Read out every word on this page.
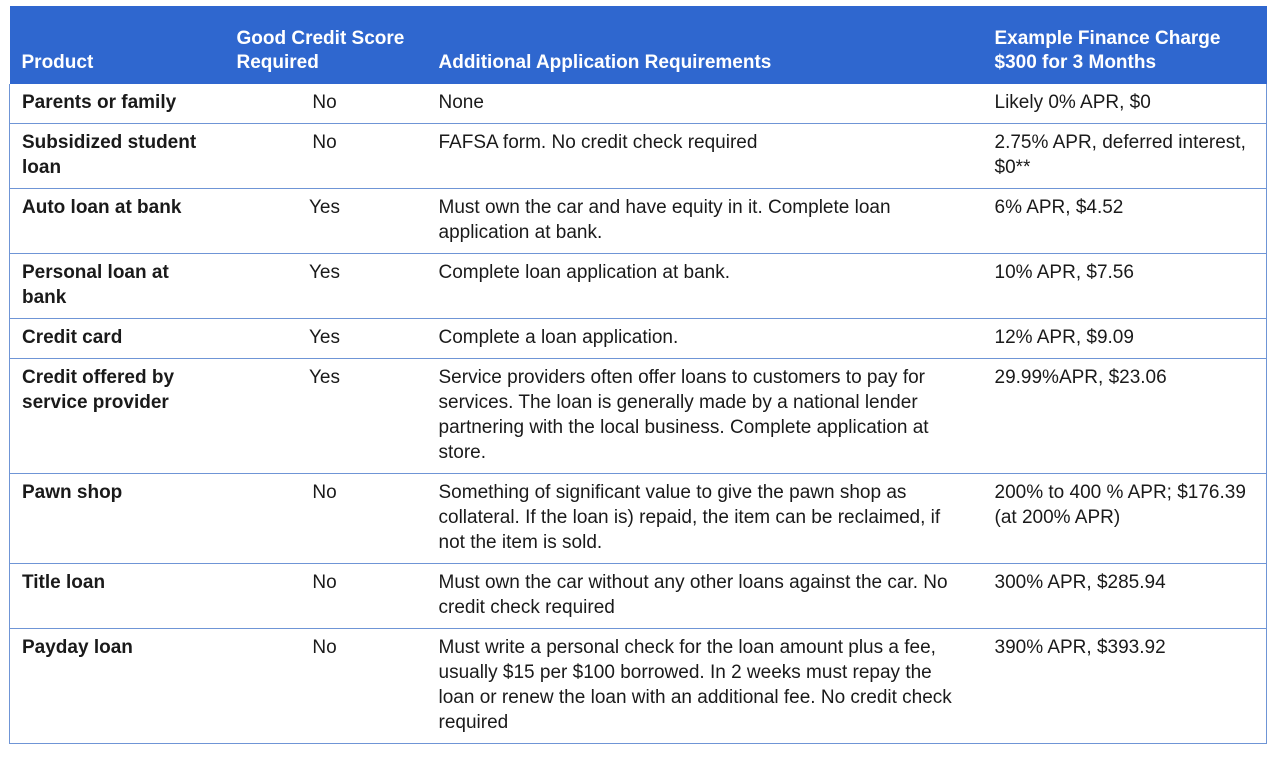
Product	Good Credit Score Required	Additional Application Requirements	Example Finance Charge $300 for 3 Months
Parents or family	No	None	Likely 0% APR, $0
Subsidized student loan	No	FAFSA form. No credit check required	2.75% APR, deferred interest, $0**
Auto loan at bank	Yes	Must own the car and have equity in it. Complete loan application at bank.	6% APR, $4.52
Personal loan at bank	Yes	Complete loan application at bank.	10% APR, $7.56
Credit card	Yes	Complete a loan application.	12% APR, $9.09
Credit offered by service provider	Yes	Service providers often offer loans to customers to pay for services. The loan is generally made by a national lender partnering with the local business. Complete application at store.	29.99%APR, $23.06
Pawn shop	No	Something of significant value to give the pawn shop as collateral. If the loan is) repaid, the item can be reclaimed, if not the item is sold.	200% to 400 % APR; $176.39 (at 200% APR)
Title loan	No	Must own the car without any other loans against the car. No credit check required	300% APR, $285.94
Payday loan	No	Must write a personal check for the loan amount plus a fee, usually $15 per $100 borrowed. In 2 weeks must repay the loan or renew the loan with an additional fee. No credit check required	390% APR, $393.92
